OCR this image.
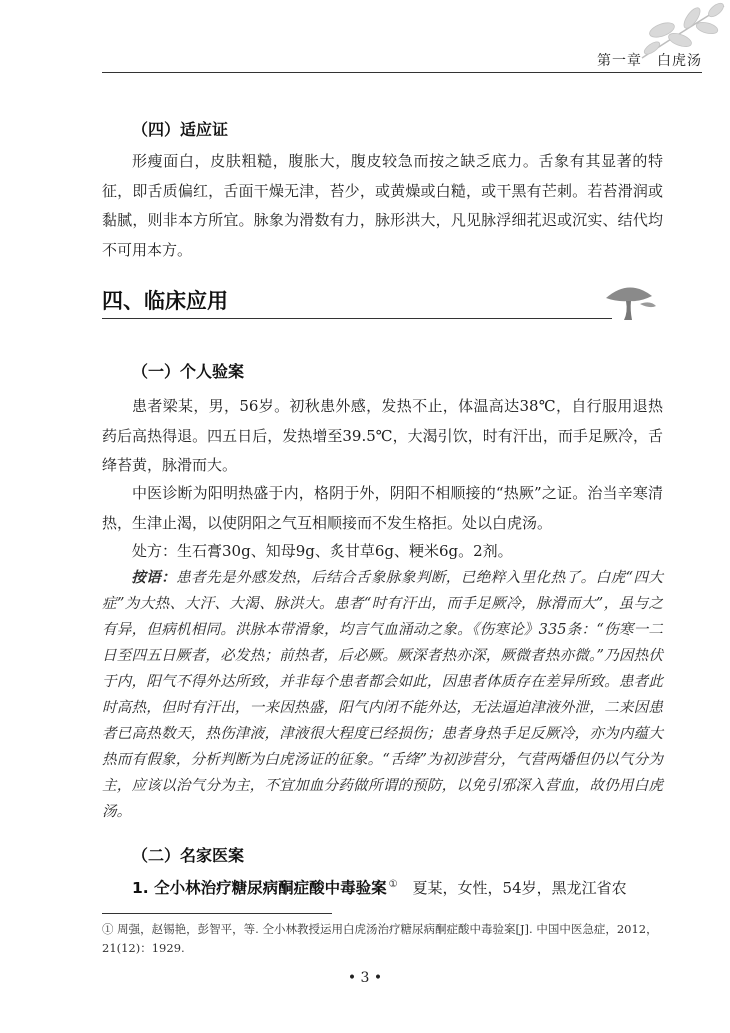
第一章　白虎汤
（四）适应证

形瘦面白，皮肤粗糙，腹胀大，腹皮较急而按之缺乏底力。舌象有其显著的特征，即舌质偏红，舌面干燥无津，苔少，或黄燥或白糙，或干黑有芒刺。若苔滑润或黏腻，则非本方所宜。脉象为滑数有力，脉形洪大，凡见脉浮细芤迟或沉实、结代均不可用本方。

四、临床应用
（一）个人验案

患者梁某，男，56岁。初秋患外感，发热不止，体温高达38℃，自行服用退热药后高热得退。四五日后，发热增至39.5℃，大渴引饮，时有汗出，而手足厥冷，舌绛苔黄，脉滑而大。

中医诊断为阳明热盛于内，格阴于外，阴阳不相顺接的“热厥”之证。治当辛寒清热，生津止渴，以使阴阳之气互相顺接而不发生格拒。处以白虎汤。

处方：生石膏30g、知母9g、炙甘草6g、粳米6g。2剂。

按语：患者先是外感发热，后结合舌象脉象判断，已绝粹入里化热了。白虎“四大症”为大热、大汗、大渴、脉洪大。患者“时有汗出，而手足厥冷，脉滑而大”，虽与之有异，但病机相同。洪脉本带滑象，均言气血涌动之象。《伤寒论》335条：“伤寒一二日至四五日厥者，必发热；前热者，后必厥。厥深者热亦深，厥微者热亦微。”乃因热伏于内，阳气不得外达所致，并非每个患者都会如此，因患者体质存在差异所致。患者此时高热，但时有汗出，一来因热盛，阳气内闭不能外达，无法逼迫津液外泄，二来因患者已高热数天，热伤津液，津液很大程度已经损伤；患者身热手足反厥冷，亦为内蕴大热而有假象，分析判断为白虎汤证的征象。“舌绛”为初涉营分，气营两燔但仍以气分为主，应该以治气分为主，不宜加血分药做所谓的预防，以免引邪深入营血，故仍用白虎汤。

（二）名家医案
1. 仝小林治疗糖尿病酮症酸中毒验案 ①　夏某，女性，54岁，黑龙江省农
① 周强，赵锡艳，彭智平，等. 仝小林教授运用白虎汤治疗糖尿病酮症酸中毒验案[J]. 中国中医急症，2012，21(12)：1929.
• 3 •
